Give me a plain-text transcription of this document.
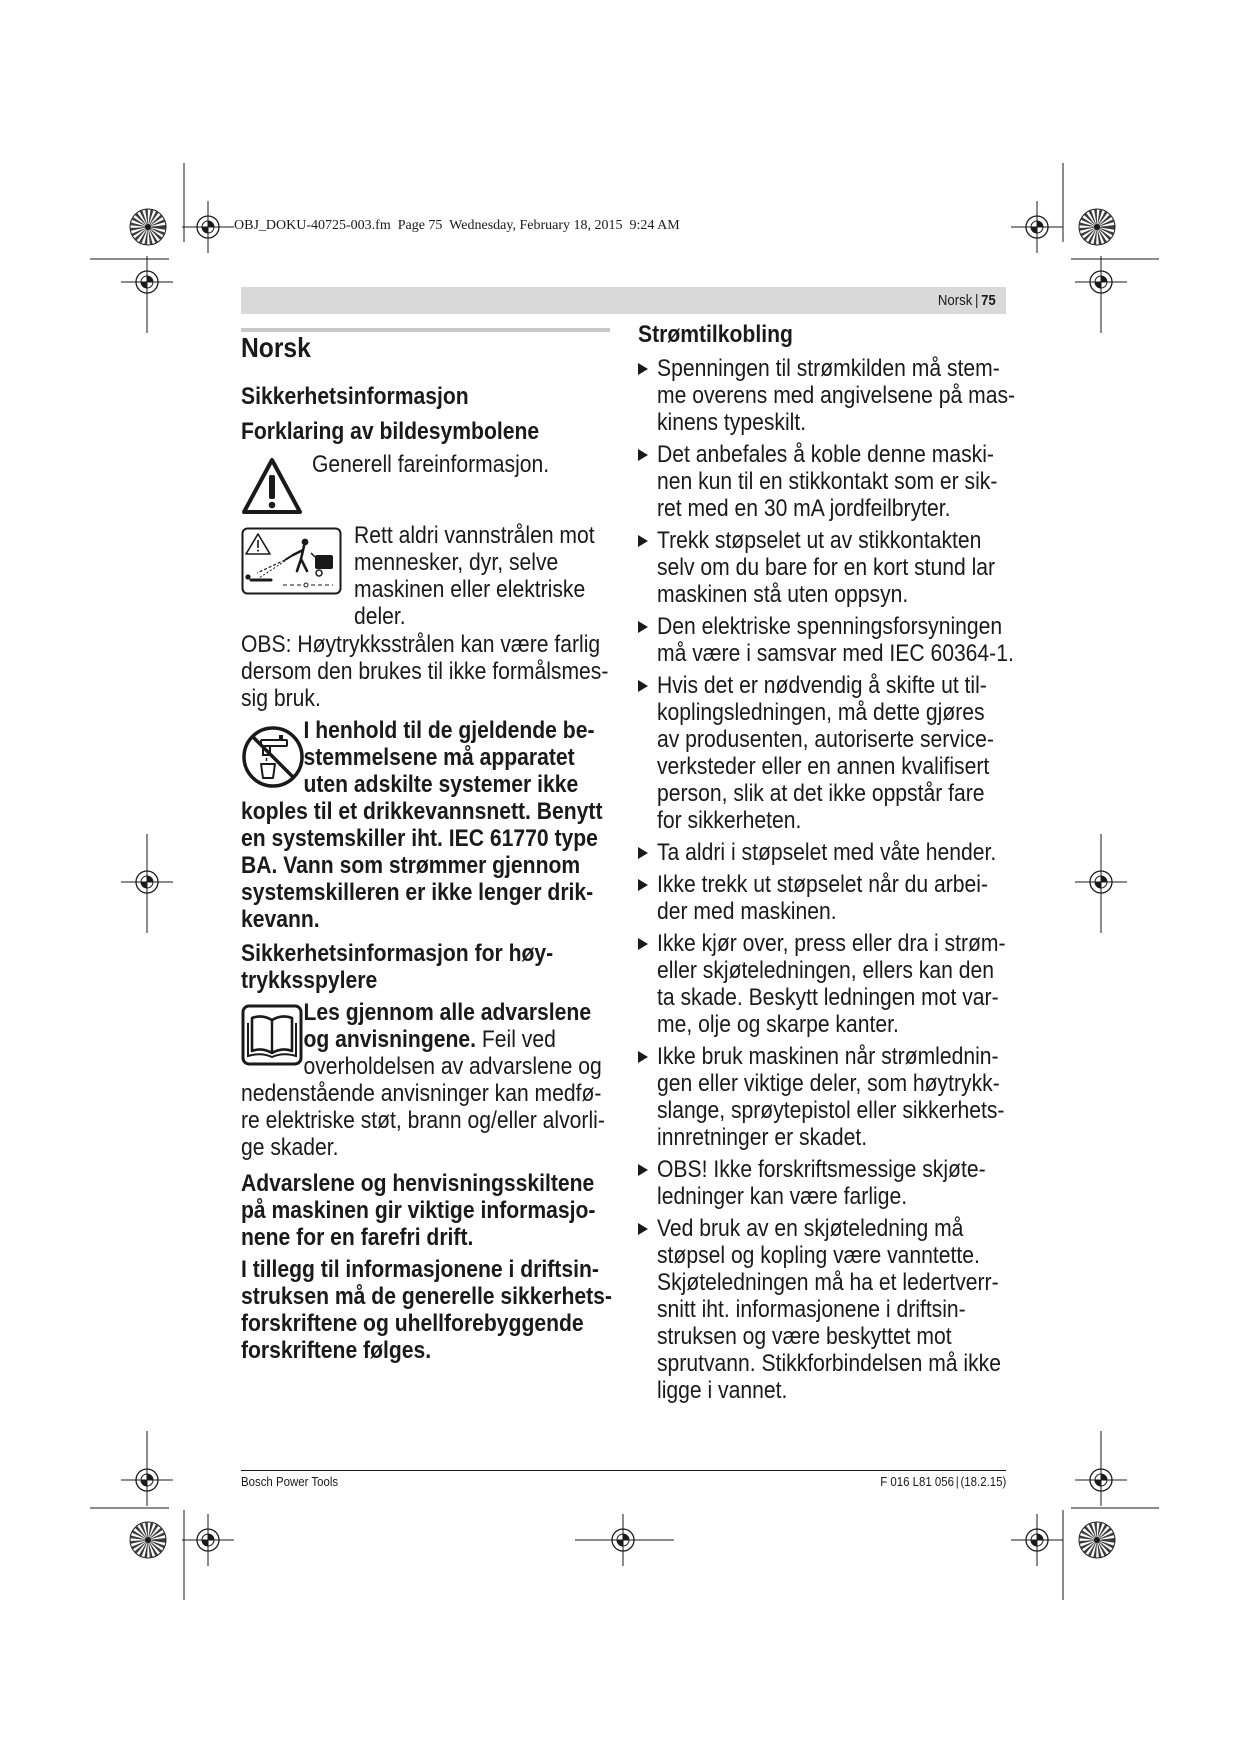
OBJ_DOKU-40725-003.fm  Page 75  Wednesday, February 18, 2015  9:24 AM
Norsk | 75
Norsk
Sikkerhetsinformasjon
Forklaring av bildesymbolene
Generell fareinformasjon.
Rett aldri vannstrålen mot
mennesker, dyr, selve
maskinen eller elektriske
deler.
OBS: Høytrykksstrålen kan være farlig
dersom den brukes til ikke formålsmes-
sig bruk.
I henhold til de gjeldende be-
stemmelsene må apparatet
uten adskilte systemer ikke
koples til et drikkevannsnett. Benytt
en systemskiller iht. IEC 61770 type
BA. Vann som strømmer gjennom
systemskilleren er ikke lenger drik-
kevann.
Sikkerhetsinformasjon for høy-
trykksspylere
Les gjennom alle advarslene
og anvisningene. Feil ved
overholdelsen av advarslene og
nedenstående anvisninger kan medfø-
re elektriske støt, brann og/eller alvorli-
ge skader.
Advarslene og henvisningsskiltene
på maskinen gir viktige informasjo-
nene for en farefri drift.
I tillegg til informasjonene i driftsin-
struksen må de generelle sikkerhets-
forskriftene og uhellforebyggende
forskriftene følges.
Strømtilkobling
Spenningen til strømkilden må stem-
me overens med angivelsene på mas-
kinens typeskilt.
Det anbefales å koble denne maski-
nen kun til en stikkontakt som er sik-
ret med en 30 mA jordfeilbryter.
Trekk støpselet ut av stikkontakten
selv om du bare for en kort stund lar
maskinen stå uten oppsyn.
Den elektriske spenningsforsyningen
må være i samsvar med IEC 60364-1.
Hvis det er nødvendig å skifte ut til-
koplingsledningen, må dette gjøres
av produsenten, autoriserte service-
verksteder eller en annen kvalifisert
person, slik at det ikke oppstår fare
for sikkerheten.
Ta aldri i støpselet med våte hender.
Ikke trekk ut støpselet når du arbei-
der med maskinen.
Ikke kjør over, press eller dra i strøm-
eller skjøteledningen, ellers kan den
ta skade. Beskytt ledningen mot var-
me, olje og skarpe kanter.
Ikke bruk maskinen når strømlednin-
gen eller viktige deler, som høytrykk-
slange, sprøytepistol eller sikkerhets-
innretninger er skadet.
OBS! Ikke forskriftsmessige skjøte-
ledninger kan være farlige.
Ved bruk av en skjøteledning må
støpsel og kopling være vanntette.
Skjøteledningen må ha et ledertverr-
snitt iht. informasjonene i driftsin-
struksen og være beskyttet mot
sprutvann. Stikkforbindelsen må ikke
ligge i vannet.
Bosch Power Tools	F 016 L81 056 | (18.2.15)
